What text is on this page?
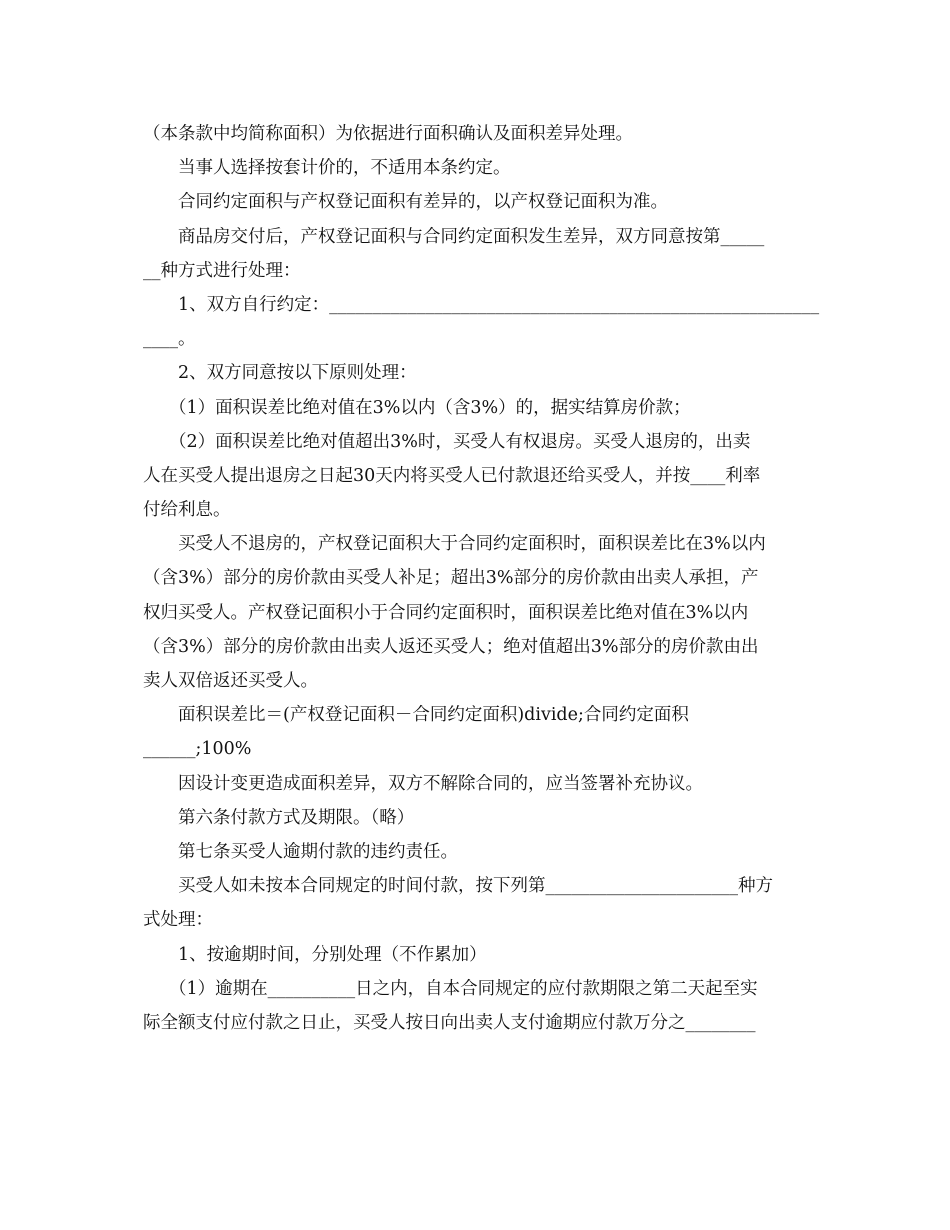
（本条款中均简称面积）为依据进行面积确认及面积差异处理。
当事人选择按套计价的，不适用本条约定。
合同约定面积与产权登记面积有差异的，以产权登记面积为准。
商品房交付后，产权登记面积与合同约定面积发生差异，双方同意按第_____
__种方式进行处理：
1、双方自行约定：________________________________________________________
____。
2、双方同意按以下原则处理：
（1）面积误差比绝对值在3%以内（含3%）的，据实结算房价款；
（2）面积误差比绝对值超出3%时，买受人有权退房。买受人退房的，出卖
人在买受人提出退房之日起30天内将买受人已付款退还给买受人，并按____利率
付给利息。
买受人不退房的，产权登记面积大于合同约定面积时，面积误差比在3%以内
（含3%）部分的房价款由买受人补足；超出3%部分的房价款由出卖人承担，产
权归买受人。产权登记面积小于合同约定面积时，面积误差比绝对值在3%以内
（含3%）部分的房价款由出卖人返还买受人；绝对值超出3%部分的房价款由出
卖人双倍返还买受人。
面积误差比＝(产权登记面积－合同约定面积)divide;合同约定面积
______;100%
因设计变更造成面积差异，双方不解除合同的，应当签署补充协议。
第六条付款方式及期限。（略）
第七条买受人逾期付款的违约责任。
买受人如未按本合同规定的时间付款，按下列第______________________种方
式处理：
1、按逾期时间，分别处理（不作累加）
（1）逾期在__________日之内，自本合同规定的应付款期限之第二天起至实
际全额支付应付款之日止，买受人按日向出卖人支付逾期应付款万分之________
